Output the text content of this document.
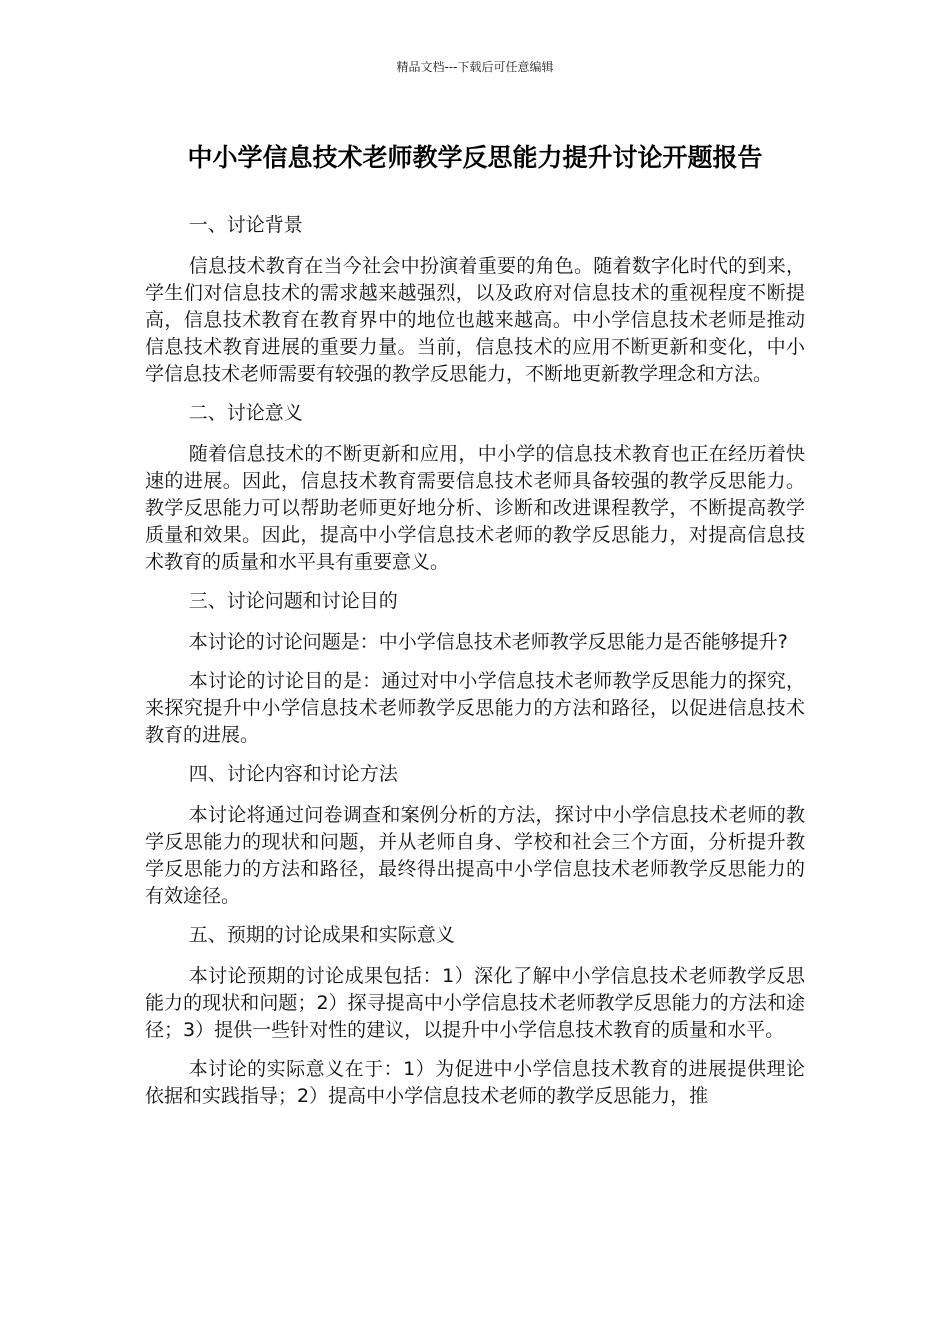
精品文档---下载后可任意编辑
中小学信息技术老师教学反思能力提升讨论开题报告

一、讨论背景

信息技术教育在当今社会中扮演着重要的角色。随着数字化时代的到来，学生们对信息技术的需求越来越强烈，以及政府对信息技术的重视程度不断提高，信息技术教育在教育界中的地位也越来越高。中小学信息技术老师是推动信息技术教育进展的重要力量。当前，信息技术的应用不断更新和变化，中小学信息技术老师需要有较强的教学反思能力，不断地更新教学理念和方法。

二、讨论意义

随着信息技术的不断更新和应用，中小学的信息技术教育也正在经历着快速的进展。因此，信息技术教育需要信息技术老师具备较强的教学反思能力。教学反思能力可以帮助老师更好地分析、诊断和改进课程教学，不断提高教学质量和效果。因此，提高中小学信息技术老师的教学反思能力，对提高信息技术教育的质量和水平具有重要意义。

三、讨论问题和讨论目的

本讨论的讨论问题是：中小学信息技术老师教学反思能力是否能够提升?

本讨论的讨论目的是：通过对中小学信息技术老师教学反思能力的探究，来探究提升中小学信息技术老师教学反思能力的方法和路径，以促进信息技术教育的进展。

四、讨论内容和讨论方法

本讨论将通过问卷调查和案例分析的方法，探讨中小学信息技术老师的教学反思能力的现状和问题，并从老师自身、学校和社会三个方面，分析提升教学反思能力的方法和路径，最终得出提高中小学信息技术老师教学反思能力的有效途径。

五、预期的讨论成果和实际意义

本讨论预期的讨论成果包括：1）深化了解中小学信息技术老师教学反思能力的现状和问题；2）探寻提高中小学信息技术老师教学反思能力的方法和途径；3）提供一些针对性的建议，以提升中小学信息技术教育的质量和水平。

本讨论的实际意义在于：1）为促进中小学信息技术教育的进展提供理论依据和实践指导；2）提高中小学信息技术老师的教学反思能力，推
